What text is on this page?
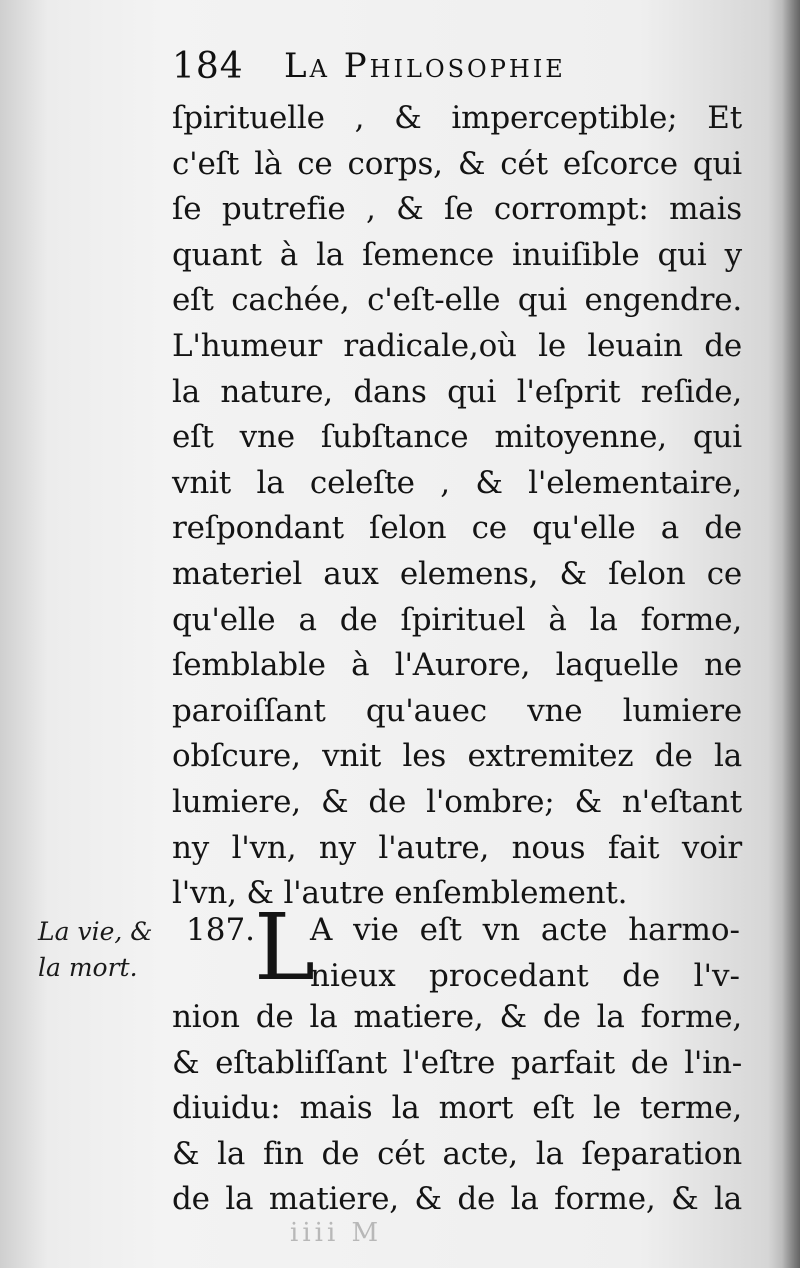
184 La Philosophie
ſpirituelle , & imperceptible; Et
c'eſt là ce corps, & cét eſcorce qui
ſe putrefie , & ſe corrompt: mais
quant à la ſemence inuiſible qui y
eſt cachée, c'eſt-elle qui engendre.
L'humeur radicale,où le leuain de
la nature, dans qui l'eſprit reſide,
eſt vne ſubſtance mitoyenne, qui
vnit la celeſte , & l'elementaire,
reſpondant ſelon ce qu'elle a de
materiel aux elemens, & ſelon ce
qu'elle a de ſpirituel à la forme,
ſemblable à l'Aurore, laquelle ne
paroiſſant qu'auec vne lumiere
obſcure, vnit les extremitez de la
lumiere, & de l'ombre; & n'eſtant
ny l'vn, ny l'autre, nous fait voir
l'vn, & l'autre enſemblement.
La vie, &
la mort.
187.
L
A vie eſt vn acte harmo-
nieux procedant de l'v-
nion de la matiere, & de la forme,
& eſtabliſſant l'eſtre parfait de l'in-
diuidu: mais la mort eſt le terme,
& la fin de cét acte, la ſeparation
de la matiere, & de la forme, & la
iiii M
